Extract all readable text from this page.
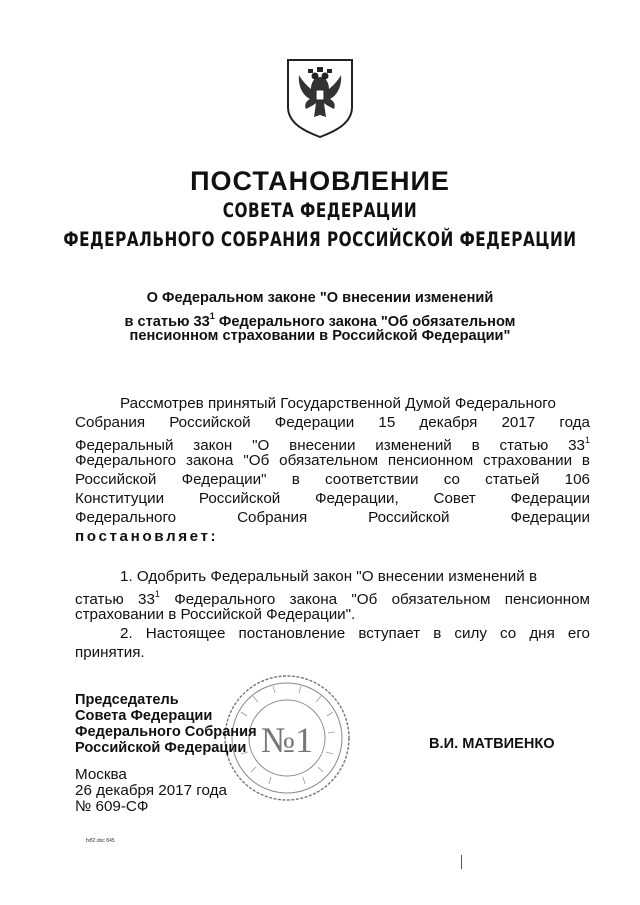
ПОСТАНОВЛЕНИЕ
СОВЕТА ФЕДЕРАЦИИ
ФЕДЕРАЛЬНОГО СОБРАНИЯ РОССИЙСКОЙ ФЕДЕРАЦИИ
О Федеральном законе "О внесении изменений
в статью $33^1$ Федерального закона "Об обязательном
пенсионном страховании в Российской Федерации"
Рассмотрев принятый Государственной Думой Федерального
Собрания Российской Федерации 15 декабря 2017 года
Федеральный закон "О внесении изменений в статью $33^1$
Федерального закона "Об обязательном пенсионном страховании в
Российской Федерации" в соответствии со статьей 106
Конституции Российской Федерации, Совет Федерации
Федерального Собрания Российской Федерации
постановляет:
1. Одобрить Федеральный закон "О внесении изменений в
статью $33^1$ Федерального закона "Об обязательном пенсионном
страховании в Российской Федерации".
2. Настоящее постановление вступает в силу со дня его
принятия.
№1
Председатель
Совета Федерации
Федерального Собрания
Российской Федерации	В.И. МАТВИЕНКО
Москва
26 декабря 2017 года
№ 609-СФ
fx82.doc 845
